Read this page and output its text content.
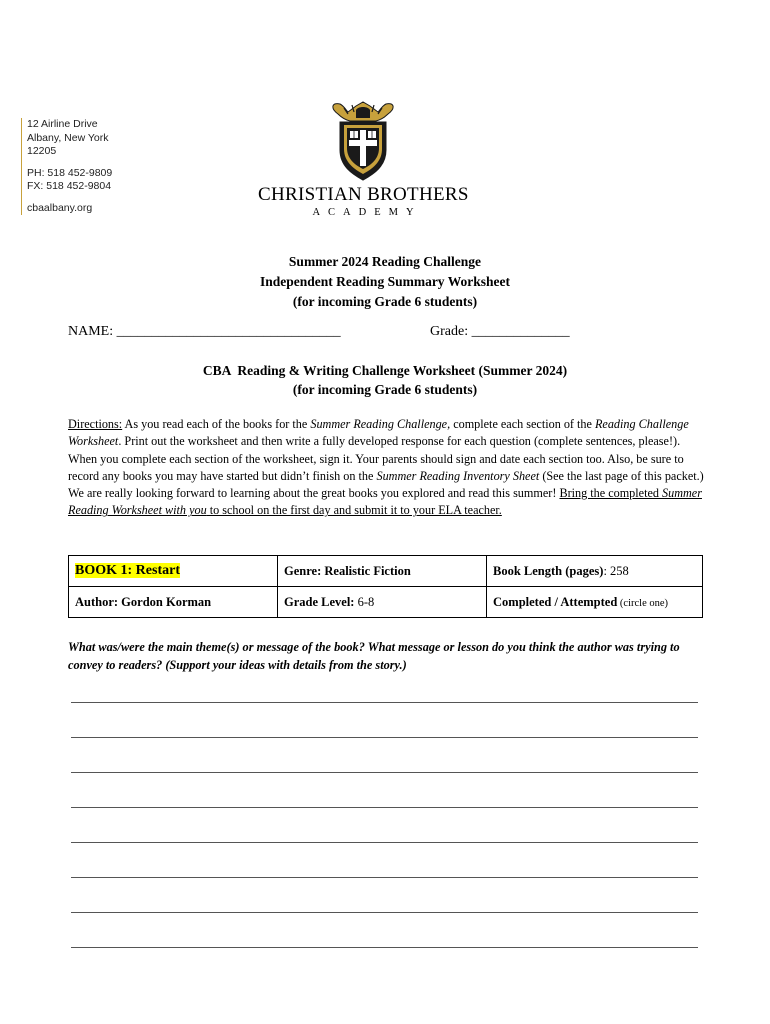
12 Airline Drive
Albany, New York
12205
PH: 518 452-9809
FX: 518 452-9804
cbaalbany.org
CHRISTIAN BROTHERS
ACADEMY
Summer 2024 Reading Challenge
Independent Reading Summary Worksheet
(for incoming Grade 6 students)
NAME: ________________________________	Grade: ______________
CBA  Reading & Writing Challenge Worksheet (Summer 2024)
(for incoming Grade 6 students)
Directions: As you read each of the books for the Summer Reading Challenge, complete each section of the Reading Challenge Worksheet. Print out the worksheet and then write a fully developed response for each question (complete sentences, please!). When you complete each section of the worksheet, sign it. Your parents should sign and date each section too. Also, be sure to record any books you may have started but didn’t finish on the Summer Reading Inventory Sheet (See the last page of this packet.) We are really looking forward to learning about the great books you explored and read this summer! Bring the completed Summer Reading Worksheet with you to school on the first day and submit it to your ELA teacher.
BOOK 1: Restart	Genre: Realistic Fiction	Book Length (pages): 258
Author: Gordon Korman	Grade Level: 6-8	Completed / Attempted (circle one)
What was/were the main theme(s) or message of the book? What message or lesson do you think the author was trying to convey to readers? (Support your ideas with details from the story.)
